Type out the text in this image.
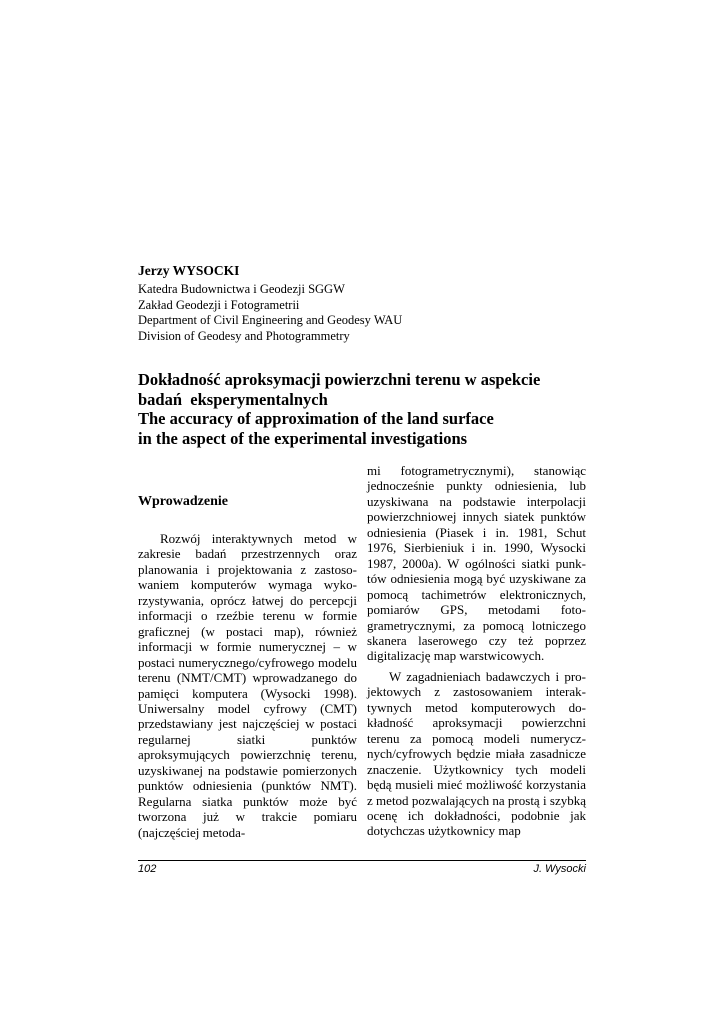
Jerzy WYSOCKI
Katedra Budownictwa i Geodezji SGGW
Zakład Geodezji i Fotogrametrii
Department of Civil Engineering and Geodesy WAU
Division of Geodesy and Photogrammetry
Dokładność aproksymacji powierzchni terenu w aspekcie
badań  eksperymentalnych
The accuracy of approximation of the land surface
in the aspect of the experimental investigations
Wprowadzenie

Rozwój interaktywnych metod w zakresie badań przestrzennych oraz planowania i projektowania z zastosowaniem komputerów wymaga wykorzystywania, oprócz łatwej do percepcji informacji o rzeźbie terenu w formie graficznej (w postaci map), również informacji w formie numerycznej – w postaci numerycznego/cyfrowego modelu terenu (NMT/CMT) wprowadzanego do pamięci komputera (Wysocki 1998). Uniwersalny model cyfrowy (CMT) przedstawiany jest najczęściej w postaci regularnej siatki punktów aproksymujących powierzchnię terenu, uzyskiwanej na podstawie pomierzonych punktów odniesienia (punktów NMT). Regularna siatka punktów może być tworzona już w trakcie pomiaru (najczęściej metoda-

mi fotogrametrycznymi), stanowiąc jednocześnie punkty odniesienia, lub uzyskiwana na podstawie interpolacji powierzchniowej innych siatek punktów odniesienia (Piasek i in. 1981, Schut 1976, Sierbieniuk i in. 1990, Wysocki 1987, 2000a). W ogólności siatki punktów odniesienia mogą być uzyskiwane za pomocą tachimetrów elektronicznych, pomiarów GPS, metodami fotogrametrycznymi, za pomocą lotniczego skanera laserowego czy też poprzez digitalizację map warstwicowych.

W zagadnieniach badawczych i projektowych z zastosowaniem interaktywnych metod komputerowych dokładność aproksymacji powierzchni terenu za pomocą modeli numerycznych/cyfrowych będzie miała zasadnicze znaczenie. Użytkownicy tych modeli będą musieli mieć możliwość korzystania z metod pozwalających na prostą i szybką ocenę ich dokładności, podobnie jak dotychczas użytkownicy map

102	J. Wysocki
